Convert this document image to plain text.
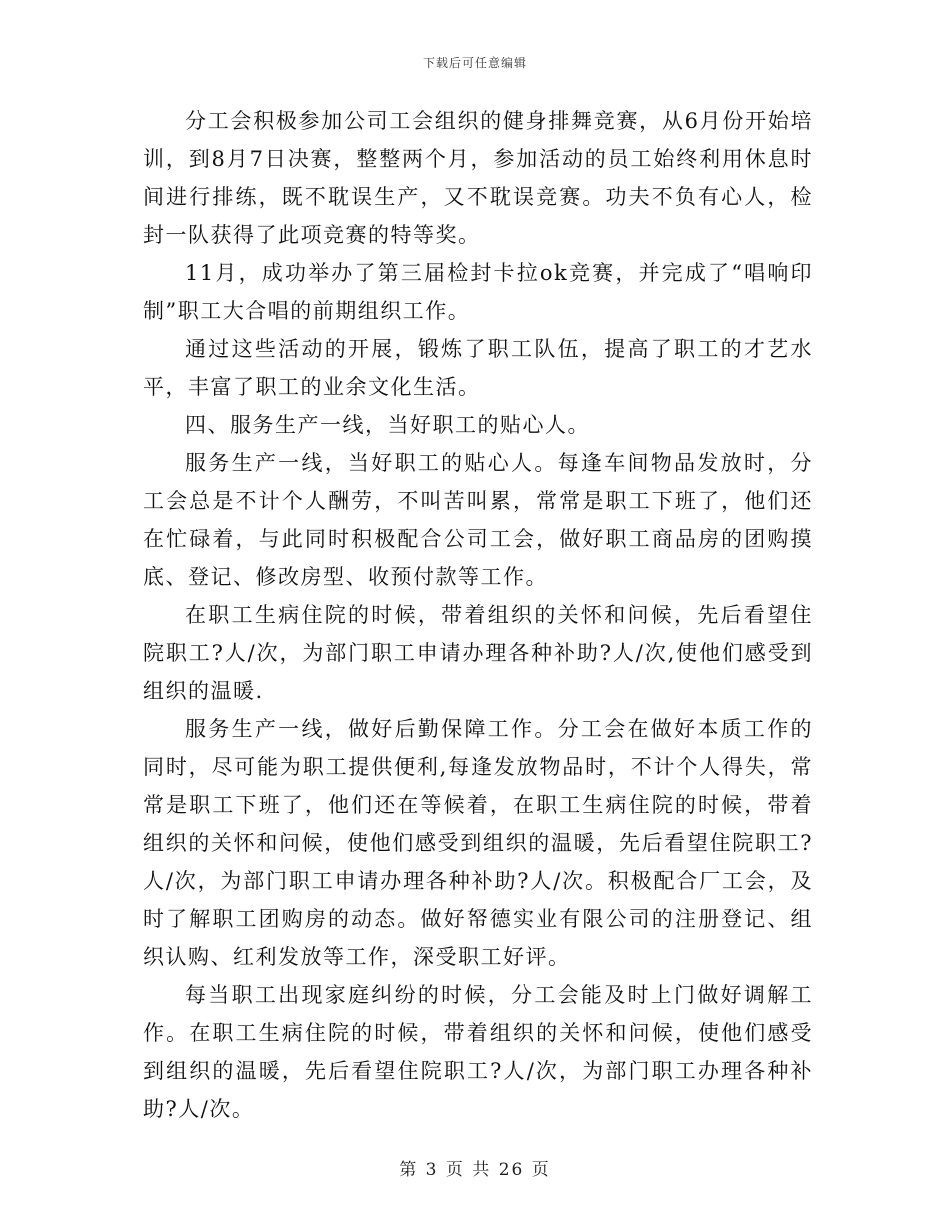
下载后可任意编辑

分工会积极参加公司工会组织的健身排舞竞赛，从6月份开始培训，到8月7日决赛，整整两个月，参加活动的员工始终利用休息时间进行排练，既不耽误生产，又不耽误竞赛。功夫不负有心人，检封一队获得了此项竞赛的特等奖。

11月，成功举办了第三届检封卡拉ok竞赛，并完成了“唱响印制”职工大合唱的前期组织工作。

通过这些活动的开展，锻炼了职工队伍，提高了职工的才艺水平，丰富了职工的业余文化生活。

四、服务生产一线，当好职工的贴心人。

服务生产一线，当好职工的贴心人。每逢车间物品发放时，分工会总是不计个人酬劳，不叫苦叫累，常常是职工下班了，他们还在忙碌着，与此同时积极配合公司工会，做好职工商品房的团购摸底、登记、修改房型、收预付款等工作。

在职工生病住院的时候，带着组织的关怀和问候，先后看望住院职工?人/次，为部门职工申请办理各种补助?人/次,使他们感受到组织的温暖.

服务生产一线，做好后勤保障工作。分工会在做好本质工作的同时，尽可能为职工提供便利,每逢发放物品时，不计个人得失，常常是职工下班了，他们还在等候着，在职工生病住院的时候，带着组织的关怀和问候，使他们感受到组织的温暖，先后看望住院职工?人/次，为部门职工申请办理各种补助?人/次。积极配合厂工会，及时了解职工团购房的动态。做好帑德实业有限公司的注册登记、组织认购、红利发放等工作，深受职工好评。

每当职工出现家庭纠纷的时候，分工会能及时上门做好调解工作。在职工生病住院的时候，带着组织的关怀和问候，使他们感受到组织的温暖，先后看望住院职工?人/次，为部门职工办理各种补助?人/次。

第 3 页 共 26 页
